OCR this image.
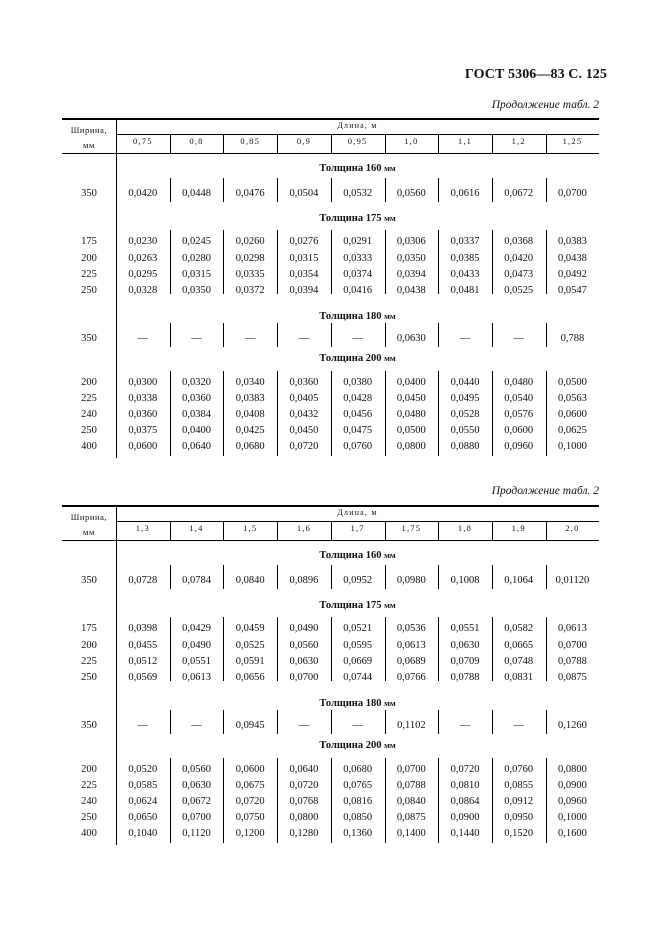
ГОСТ 5306—83 С. 125
Продолжение табл. 2
Ширина,
мм
Длина, м
0,75	0,8	0,85	0,9	0,95	1,0	1,1	1,2	1,25
Толщина 160 мм
350	0,0420	0,0448	0,0476	0,0504	0,0532	0,0560	0,0616	0,0672	0,0700
Толщина 175 мм
175	0,0230	0,0245	0,0260	0,0276	0,0291	0,0306	0,0337	0,0368	0,0383
200	0,0263	0,0280	0,0298	0,0315	0,0333	0,0350	0,0385	0,0420	0,0438
225	0,0295	0,0315	0,0335	0,0354	0,0374	0,0394	0,0433	0,0473	0,0492
250	0,0328	0,0350	0,0372	0,0394	0,0416	0,0438	0,0481	0,0525	0,0547
Толщина 180 мм
350	—	—	—	—	—	0,0630	—	—	0,788
Толщина 200 мм
200	0,0300	0,0320	0,0340	0,0360	0,0380	0,0400	0,0440	0,0480	0,0500
225	0,0338	0,0360	0,0383	0,0405	0,0428	0,0450	0,0495	0,0540	0,0563
240	0,0360	0,0384	0,0408	0,0432	0,0456	0,0480	0,0528	0,0576	0,0600
250	0,0375	0,0400	0,0425	0,0450	0,0475	0,0500	0,0550	0,0600	0,0625
400	0,0600	0,0640	0,0680	0,0720	0,0760	0,0800	0,0880	0,0960	0,1000
Продолжение табл. 2
Ширина,
мм
Длина, м
1,3	1,4	1,5	1,6	1,7	1,75	1,8	1,9	2,0
Толщина 160 мм
350	0,0728	0,0784	0,0840	0,0896	0,0952	0,0980	0,1008	0,1064	0,01120
Толщина 175 мм
175	0,0398	0,0429	0,0459	0,0490	0,0521	0,0536	0,0551	0,0582	0,0613
200	0,0455	0,0490	0,0525	0,0560	0,0595	0,0613	0,0630	0,0665	0,0700
225	0,0512	0,0551	0,0591	0,0630	0,0669	0,0689	0,0709	0,0748	0,0788
250	0,0569	0,0613	0,0656	0,0700	0,0744	0,0766	0,0788	0,0831	0,0875
Толщина 180 мм
350	—	—	0,0945	—	—	0,1102	—	—	0,1260
Толщина 200 мм
200	0,0520	0,0560	0,0600	0,0640	0,0680	0,0700	0,0720	0,0760	0,0800
225	0,0585	0,0630	0,0675	0,0720	0,0765	0,0788	0,0810	0,0855	0,0900
240	0,0624	0,0672	0,0720	0,0768	0,0816	0,0840	0,0864	0,0912	0,0960
250	0,0650	0,0700	0,0750	0,0800	0,0850	0,0875	0,0900	0,0950	0,1000
400	0,1040	0,1120	0,1200	0,1280	0,1360	0,1400	0,1440	0,1520	0,1600
